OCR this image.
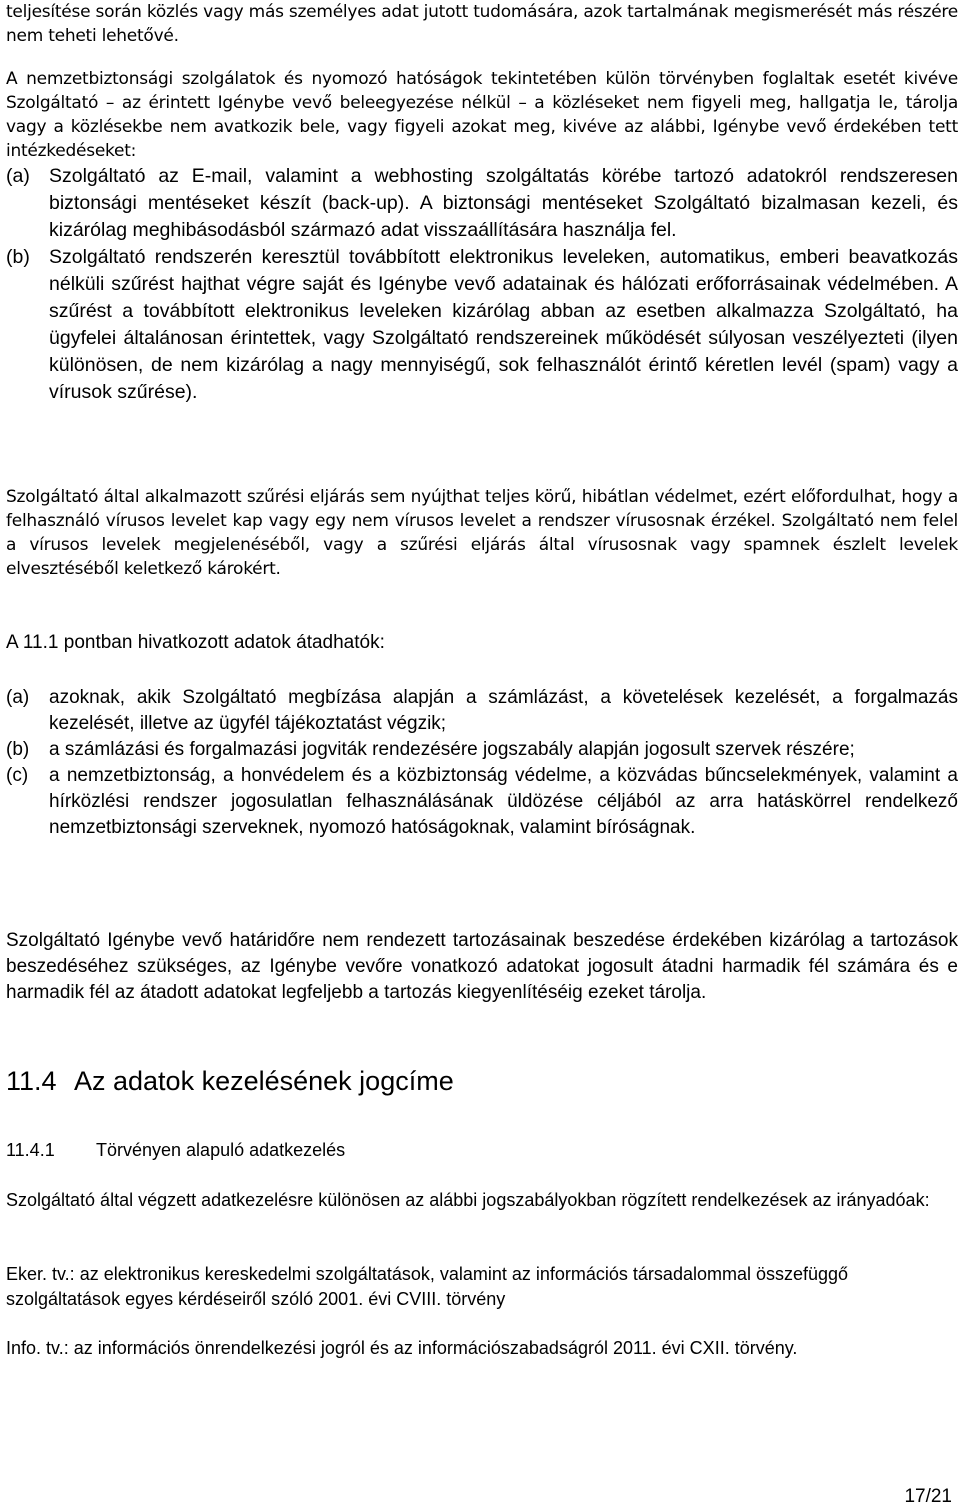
teljesítése során közlés vagy más személyes adat jutott tudomására, azok tartalmának megismerését más részére nem teheti lehetővé.

A nemzetbiztonsági szolgálatok és nyomozó hatóságok tekintetében külön törvényben foglaltak esetét kivéve Szolgáltató – az érintett Igénybe vevő beleegyezése nélkül – a közléseket nem figyeli meg, hallgatja le, tárolja vagy a közlésekbe nem avatkozik bele, vagy figyeli azokat meg, kivéve az alábbi, Igénybe vevő érdekében tett intézkedéseket:

(a) Szolgáltató az E-mail, valamint a webhosting szolgáltatás körébe tartozó adatokról rendszeresen biztonsági mentéseket készít (back-up). A biztonsági mentéseket Szolgáltató bizalmasan kezeli, és kizárólag meghibásodásból származó adat visszaállítására használja fel.
(b) Szolgáltató rendszerén keresztül továbbított elektronikus leveleken, automatikus, emberi beavatkozás nélküli szűrést hajthat végre saját és Igénybe vevő adatainak és hálózati erőforrásainak védelmében. A szűrést a továbbított elektronikus leveleken kizárólag abban az esetben alkalmazza Szolgáltató, ha ügyfelei általánosan érintettek, vagy Szolgáltató rendszereinek működését súlyosan veszélyezteti (ilyen különösen, de nem kizárólag a nagy mennyiségű, sok felhasználót érintő kéretlen levél (spam) vagy a vírusok szűrése).

Szolgáltató által alkalmazott szűrési eljárás sem nyújthat teljes körű, hibátlan védelmet, ezért előfordulhat, hogy a felhasználó vírusos levelet kap vagy egy nem vírusos levelet a rendszer vírusosnak érzékel. Szolgáltató nem felel a vírusos levelek megjelenéséből, vagy a szűrési eljárás által vírusosnak vagy spamnek észlelt levelek elvesztéséből keletkező károkért.

A 11.1 pontban hivatkozott adatok átadhatók:

(a) azoknak, akik Szolgáltató megbízása alapján a számlázást, a követelések kezelését, a forgalmazás kezelését, illetve az ügyfél tájékoztatást végzik;
(b) a számlázási és forgalmazási jogviták rendezésére jogszabály alapján jogosult szervek részére;
(c) a nemzetbiztonság, a honvédelem és a közbiztonság védelme, a közvádas bűncselekmények, valamint a hírközlési rendszer jogosulatlan felhasználásának üldözése céljából az arra hatáskörrel rendelkező nemzetbiztonsági szerveknek, nyomozó hatóságoknak, valamint bíróságnak.

Szolgáltató Igénybe vevő határidőre nem rendezett tartozásainak beszedése érdekében kizárólag a tartozások beszedéséhez szükséges, az Igénybe vevőre vonatkozó adatokat jogosult átadni harmadik fél számára és e harmadik fél az átadott adatokat legfeljebb a tartozás kiegyenlítéséig ezeket tárolja.

11.4 Az adatok kezelésének jogcíme
11.4.1 Törvényen alapuló adatkezelés

Szolgáltató által végzett adatkezelésre különösen az alábbi jogszabályokban rögzített rendelkezések az irányadóak:

Eker. tv.: az elektronikus kereskedelmi szolgáltatások, valamint az információs társadalommal összefüggő szolgáltatások egyes kérdéseiről szóló 2001. évi CVIII. törvény

Info. tv.: az információs önrendelkezési jogról és az információszabadságról 2011. évi CXII. törvény.

17/21
